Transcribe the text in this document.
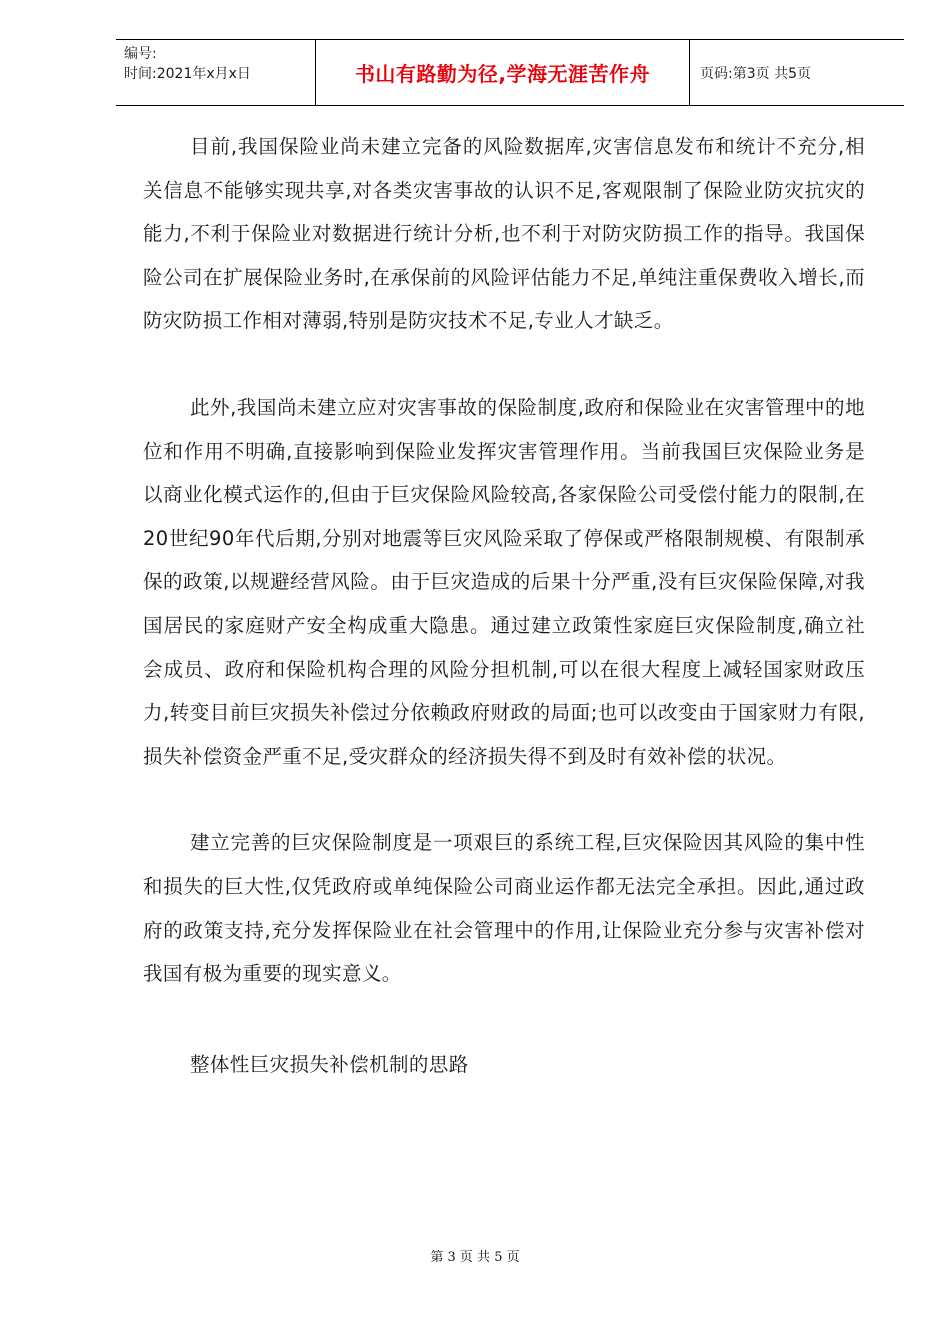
编号:
时间:2021年x月x日	书山有路勤为径,学海无涯苦作舟	页码:第3页 共5页

目前,我国保险业尚未建立完备的风险数据库,灾害信息发布和统计不充分,相关信息不能够实现共享,对各类灾害事故的认识不足,客观限制了保险业防灾抗灾的能力,不利于保险业对数据进行统计分析,也不利于对防灾防损工作的指导。我国保险公司在扩展保险业务时,在承保前的风险评估能力不足,单纯注重保费收入增长,而防灾防损工作相对薄弱,特别是防灾技术不足,专业人才缺乏。

此外,我国尚未建立应对灾害事故的保险制度,政府和保险业在灾害管理中的地位和作用不明确,直接影响到保险业发挥灾害管理作用。当前我国巨灾保险业务是以商业化模式运作的,但由于巨灾保险风险较高,各家保险公司受偿付能力的限制,在20世纪90年代后期,分别对地震等巨灾风险采取了停保或严格限制规模、有限制承保的政策,以规避经营风险。由于巨灾造成的后果十分严重,没有巨灾保险保障,对我国居民的家庭财产安全构成重大隐患。通过建立政策性家庭巨灾保险制度,确立社会成员、政府和保险机构合理的风险分担机制,可以在很大程度上减轻国家财政压力,转变目前巨灾损失补偿过分依赖政府财政的局面;也可以改变由于国家财力有限,损失补偿资金严重不足,受灾群众的经济损失得不到及时有效补偿的状况。

建立完善的巨灾保险制度是一项艰巨的系统工程,巨灾保险因其风险的集中性和损失的巨大性,仅凭政府或单纯保险公司商业运作都无法完全承担。因此,通过政府的政策支持,充分发挥保险业在社会管理中的作用,让保险业充分参与灾害补偿对我国有极为重要的现实意义。

整体性巨灾损失补偿机制的思路

第 3 页 共 5 页
